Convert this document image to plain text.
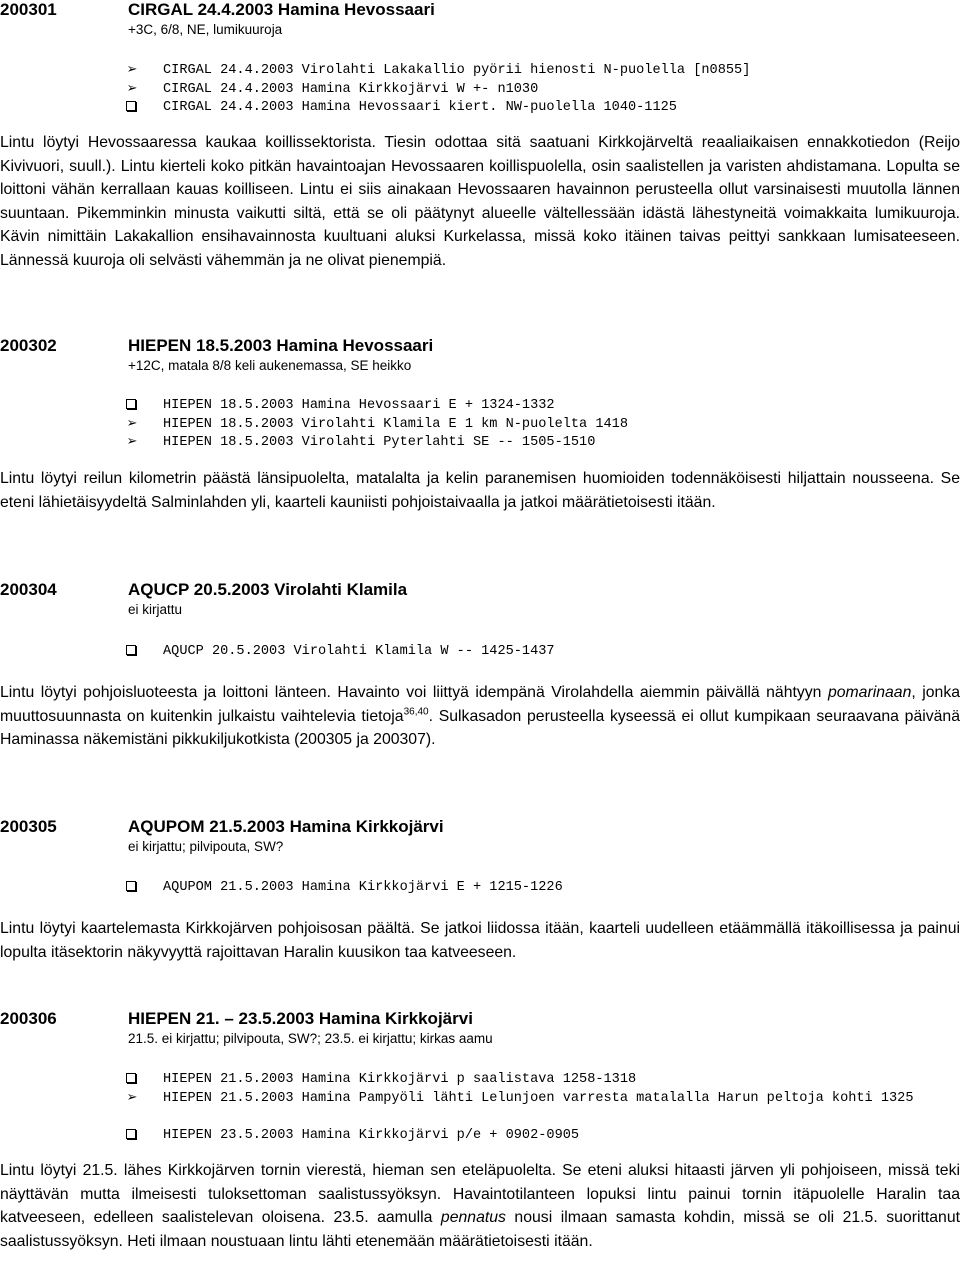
200301	CIRGAL 24.4.2003 Hamina Hevossaari
+3C, 6/8, NE, lumikuuroja
➢ CIRGAL 24.4.2003 Virolahti Lakakallio pyörii hienosti N-puolella [n0855]
➢ CIRGAL 24.4.2003 Hamina Kirkkojärvi W +- n1030
CIRGAL 24.4.2003 Hamina Hevossaari kiert. NW-puolella 1040-1125

Lintu löytyi Hevossaaressa kaukaa koillissektorista. Tiesin odottaa sitä saatuani Kirkkojärveltä reaaliaikaisen ennakkotiedon (Reijo Kivivuori, suull.). Lintu kierteli koko pitkän havaintoajan Hevossaaren koillispuolella, osin saalistellen ja varisten ahdistamana. Lopulta se loittoni vähän kerrallaan kauas koilliseen. Lintu ei siis ainakaan Hevossaaren havainnon perusteella ollut varsinaisesti muutolla lännen suuntaan. Pikemminkin minusta vaikutti siltä, että se oli päätynyt alueelle vältellessään idästä lähestyneitä voimakkaita lumikuuroja. Kävin nimittäin Lakakallion ensihavainnosta kuultuani aluksi Kurkelassa, missä koko itäinen taivas peittyi sankkaan lumisateeseen. Lännessä kuuroja oli selvästi vähemmän ja ne olivat pienempiä.

200302	HIEPEN 18.5.2003 Hamina Hevossaari
+12C, matala 8/8 keli aukenemassa, SE heikko
HIEPEN 18.5.2003 Hamina Hevossaari E + 1324-1332
➢ HIEPEN 18.5.2003 Virolahti Klamila E 1 km N-puolelta 1418
➢ HIEPEN 18.5.2003 Virolahti Pyterlahti SE -- 1505-1510

Lintu löytyi reilun kilometrin päästä länsipuolelta, matalalta ja kelin paranemisen huomioiden todennäköisesti hiljattain nousseena. Se eteni lähietäisyydeltä Salminlahden yli, kaarteli kauniisti pohjoistaivaalla ja jatkoi määrätietoisesti itään.

200304	AQUCP 20.5.2003 Virolahti Klamila
ei kirjattu
AQUCP 20.5.2003 Virolahti Klamila W -- 1425-1437

Lintu löytyi pohjoisluoteesta ja loittoni länteen. Havainto voi liittyä idempänä Virolahdella aiemmin päivällä nähtyyn pomarinaan, jonka muuttosuunnasta on kuitenkin julkaistu vaihtelevia tietoja$^{36,40}$. Sulkasadon perusteella kyseessä ei ollut kumpikaan seuraavana päivänä Haminassa näkemistäni pikkukiljukotkista (200305 ja 200307).

200305	AQUPOM 21.5.2003 Hamina Kirkkojärvi
ei kirjattu; pilvipouta, SW?
AQUPOM 21.5.2003 Hamina Kirkkojärvi E + 1215-1226

Lintu löytyi kaartelemasta Kirkkojärven pohjoisosan päältä. Se jatkoi liidossa itään, kaarteli uudelleen etäämmällä itäkoillisessa ja painui lopulta itäsektorin näkyvyyttä rajoittavan Haralin kuusikon taa katveeseen.

200306	HIEPEN 21. – 23.5.2003 Hamina Kirkkojärvi
21.5. ei kirjattu; pilvipouta, SW?; 23.5. ei kirjattu; kirkas aamu
HIEPEN 21.5.2003 Hamina Kirkkojärvi p saalistava 1258-1318
➢ HIEPEN 21.5.2003 Hamina Pampyöli lähti Lelunjoen varresta matalalla Harun peltoja kohti 1325
HIEPEN 23.5.2003 Hamina Kirkkojärvi p/e + 0902-0905

Lintu löytyi 21.5. lähes Kirkkojärven tornin vierestä, hieman sen eteläpuolelta. Se eteni aluksi hitaasti järven yli pohjoiseen, missä teki näyttävän mutta ilmeisesti tuloksettoman saalistussyöksyn. Havaintotilanteen lopuksi lintu painui tornin itäpuolelle Haralin taa katveeseen, edelleen saalistelevan oloisena. 23.5. aamulla pennatus nousi ilmaan samasta kohdin, missä se oli 21.5. suorittanut saalistussyöksyn. Heti ilmaan noustuaan lintu lähti etenemään määrätietoisesti itään.
